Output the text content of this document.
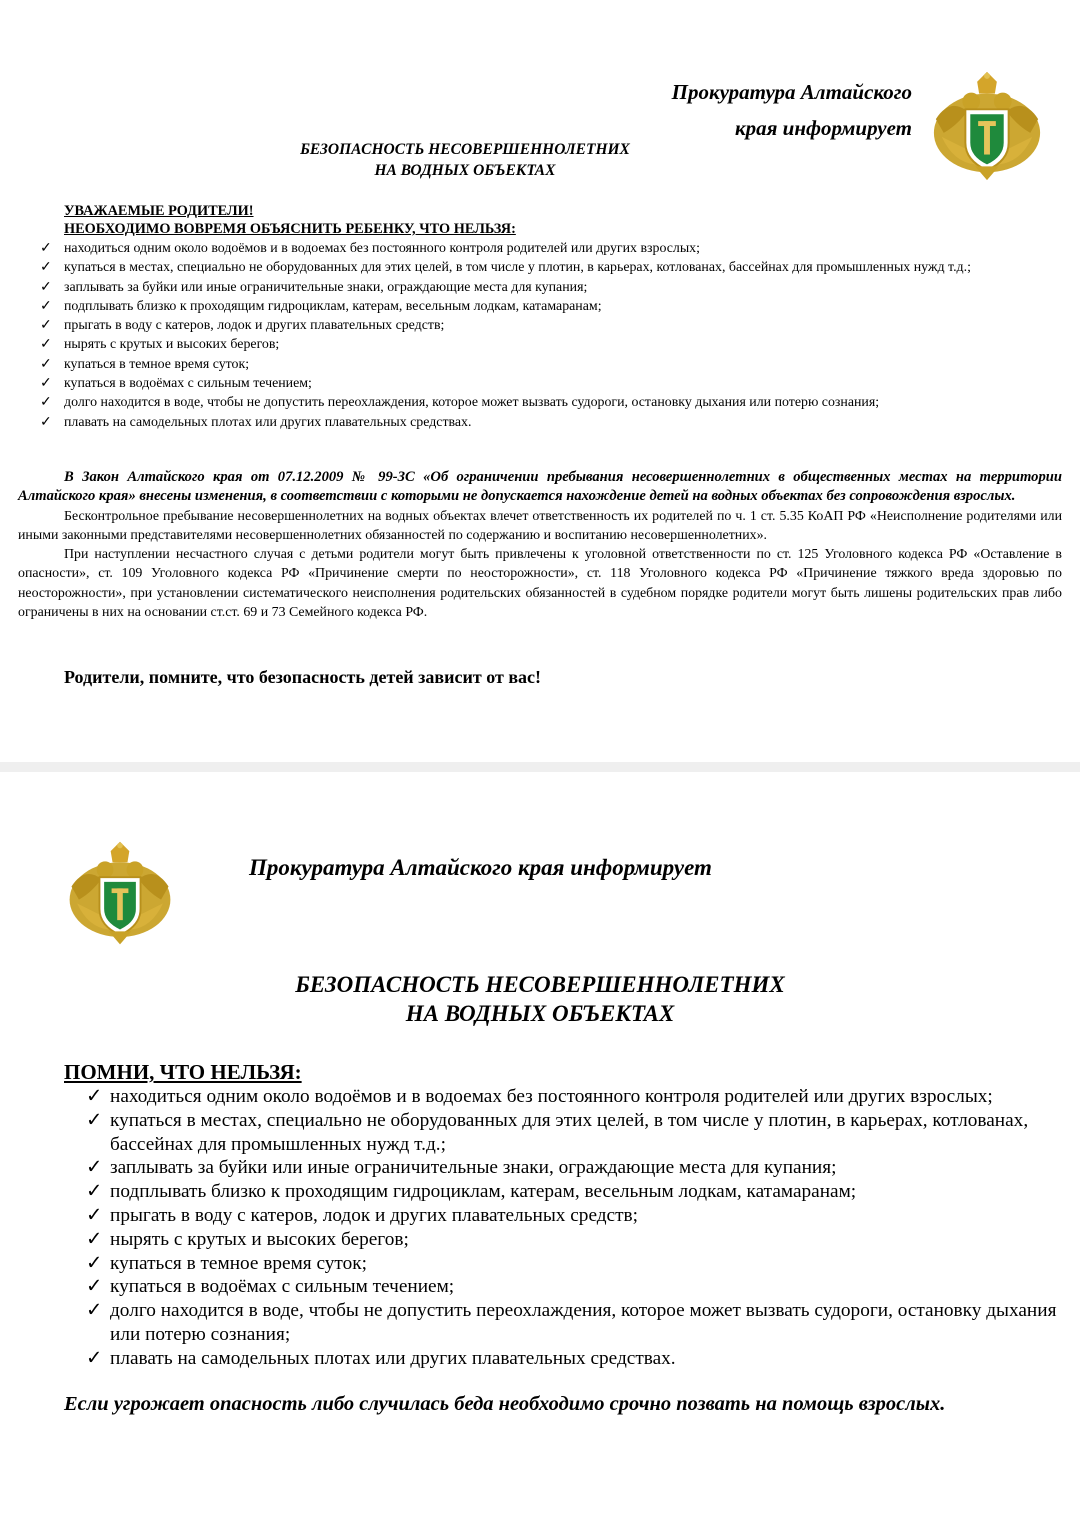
Прокуратура Алтайского
края информирует
БЕЗОПАСНОСТЬ НЕСОВЕРШЕННОЛЕТНИХ
НА ВОДНЫХ ОБЪЕКТАХ
УВАЖАЕМЫЕ РОДИТЕЛИ!
НЕОБХОДИМО ВОВРЕМЯ ОБЪЯСНИТЬ РЕБЕНКУ, ЧТО НЕЛЬЗЯ:
✓ находиться одним около водоёмов и в водоемах без постоянного контроля родителей или других взрослых;
✓ купаться в местах, специально не оборудованных для этих целей, в том числе у плотин, в карьерах, котлованах, бассейнах для промышленных нужд т.д.;
✓ заплывать за буйки или иные ограничительные знаки, ограждающие места для купания;
✓ подплывать близко к проходящим гидроциклам, катерам, весельным лодкам, катамаранам;
✓ прыгать в воду с катеров, лодок и других плавательных средств;
✓ нырять с крутых и высоких берегов;
✓ купаться в темное время суток;
✓ купаться в водоёмах с сильным течением;
✓ долго находится в воде, чтобы не допустить переохлаждения, которое может вызвать судороги, остановку дыхания или потерю сознания;
✓ плавать на самодельных плотах или других плавательных средствах.

В Закон Алтайского края от 07.12.2009 № 99-ЗС «Об ограничении пребывания несовершеннолетних в общественных местах на территории Алтайского края» внесены изменения, в соответствии с которыми не допускается нахождение детей на водных объектах без сопровождения взрослых.

Бесконтрольное пребывание несовершеннолетних на водных объектах влечет ответственность их родителей по ч. 1 ст. 5.35 КоАП РФ «Неисполнение родителями или иными законными представителями несовершеннолетних обязанностей по содержанию и воспитанию несовершеннолетних».

При наступлении несчастного случая с детьми родители могут быть привлечены к уголовной ответственности по ст. 125 Уголовного кодекса РФ «Оставление в опасности», ст. 109 Уголовного кодекса РФ «Причинение смерти по неосторожности», ст. 118 Уголовного кодекса РФ «Причинение тяжкого вреда здоровью по неосторожности», при установлении систематического неисполнения родительских обязанностей в судебном порядке родители могут быть лишены родительских прав либо ограничены в них на основании ст.ст. 69 и 73 Семейного кодекса РФ.

Родители, помните, что безопасность детей зависит от вас!
Прокуратура Алтайского края информирует
БЕЗОПАСНОСТЬ НЕСОВЕРШЕННОЛЕТНИХ
НА ВОДНЫХ ОБЪЕКТАХ
ПОМНИ, ЧТО НЕЛЬЗЯ:
✓ находиться одним около водоёмов и в водоемах без постоянного контроля родителей или других взрослых;
✓ купаться в местах, специально не оборудованных для этих целей, в том числе у плотин, в карьерах, котлованах, бассейнах для промышленных нужд т.д.;
✓ заплывать за буйки или иные ограничительные знаки, ограждающие места для купания;
✓ подплывать близко к проходящим гидроциклам, катерам, весельным лодкам, катамаранам;
✓ прыгать в воду с катеров, лодок и других плавательных средств;
✓ нырять с крутых и высоких берегов;
✓ купаться в темное время суток;
✓ купаться в водоёмах с сильным течением;
✓ долго находится в воде, чтобы не допустить переохлаждения, которое может вызвать судороги, остановку дыхания или потерю сознания;
✓ плавать на самодельных плотах или других плавательных средствах.
Если угрожает опасность либо случилась беда необходимо срочно позвать на помощь взрослых.
